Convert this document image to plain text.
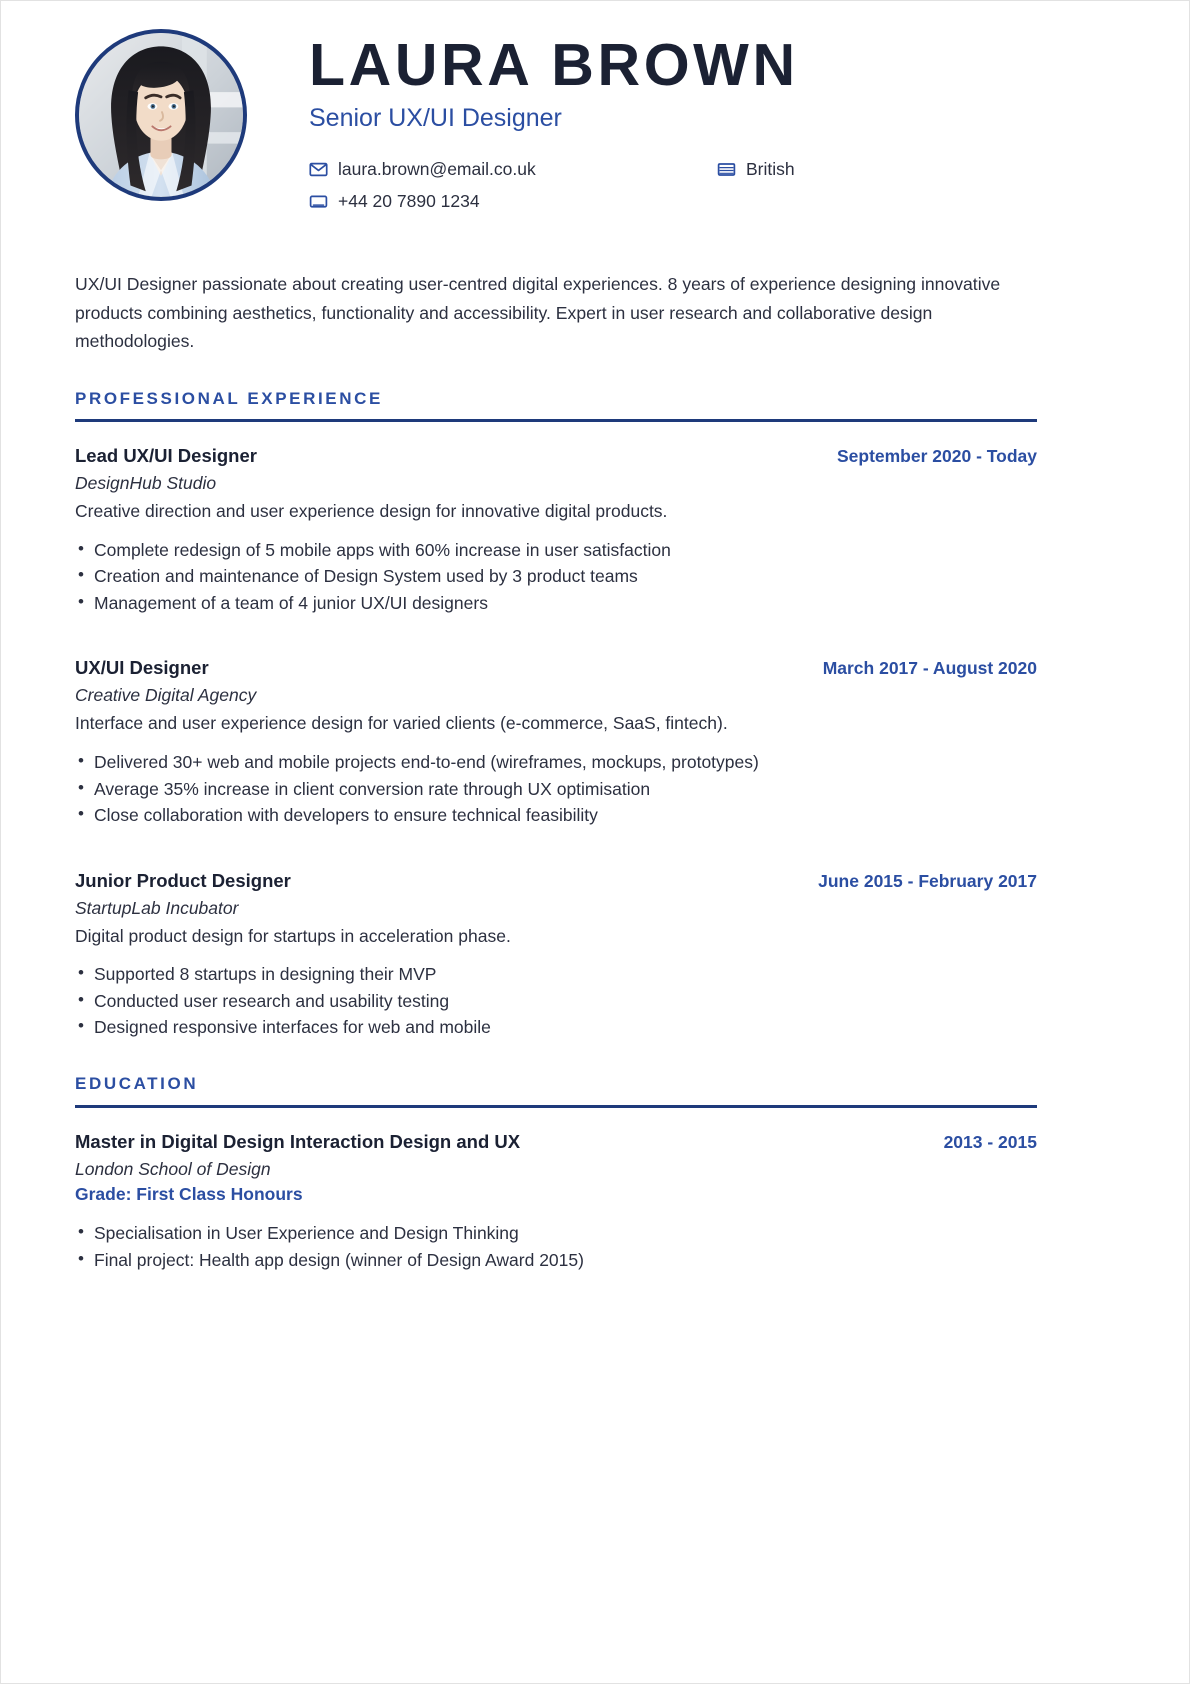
LAURA BROWN
Senior UX/UI Designer
laura.brown@email.co.uk
+44 20 7890 1234
British
UX/UI Designer passionate about creating user-centred digital experiences. 8 years of experience designing innovative products combining aesthetics, functionality and accessibility. Expert in user research and collaborative design methodologies.
PROFESSIONAL EXPERIENCE
Lead UX/UI Designer	September 2020 - Today
DesignHub Studio
Creative direction and user experience design for innovative digital products.
• Complete redesign of 5 mobile apps with 60% increase in user satisfaction
• Creation and maintenance of Design System used by 3 product teams
• Management of a team of 4 junior UX/UI designers
UX/UI Designer	March 2017 - August 2020
Creative Digital Agency
Interface and user experience design for varied clients (e-commerce, SaaS, fintech).
• Delivered 30+ web and mobile projects end-to-end (wireframes, mockups, prototypes)
• Average 35% increase in client conversion rate through UX optimisation
• Close collaboration with developers to ensure technical feasibility
Junior Product Designer	June 2015 - February 2017
StartupLab Incubator
Digital product design for startups in acceleration phase.
• Supported 8 startups in designing their MVP
• Conducted user research and usability testing
• Designed responsive interfaces for web and mobile
EDUCATION
Master in Digital Design Interaction Design and UX	2013 - 2015
London School of Design
Grade: First Class Honours
• Specialisation in User Experience and Design Thinking
• Final project: Health app design (winner of Design Award 2015)
